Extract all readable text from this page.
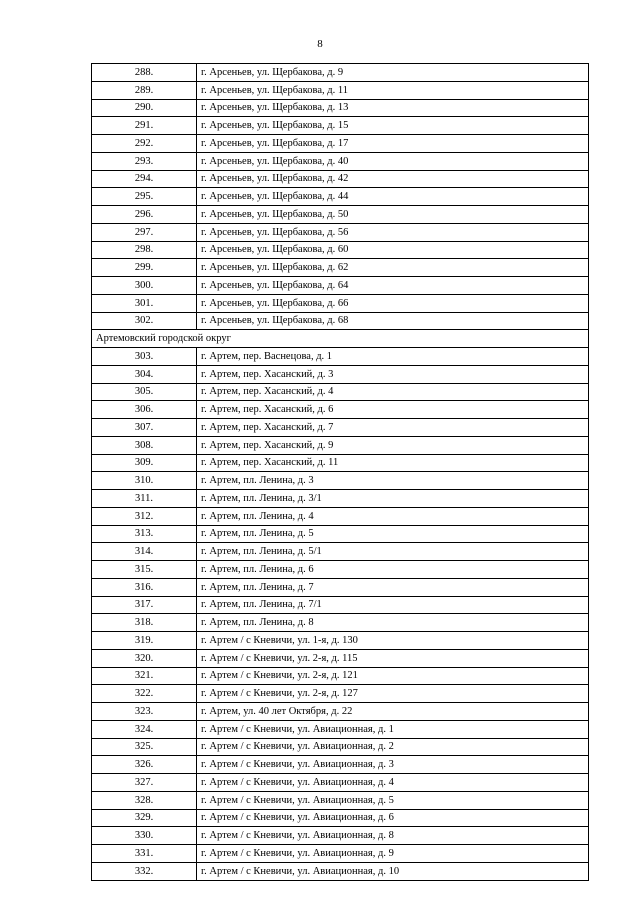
8
288.	г. Арсеньев, ул. Щербакова, д. 9
289.	г. Арсеньев, ул. Щербакова, д. 11
290.	г. Арсеньев, ул. Щербакова, д. 13
291.	г. Арсеньев, ул. Щербакова, д. 15
292.	г. Арсеньев, ул. Щербакова, д. 17
293.	г. Арсеньев, ул. Щербакова, д. 40
294.	г. Арсеньев, ул. Щербакова, д. 42
295.	г. Арсеньев, ул. Щербакова, д. 44
296.	г. Арсеньев, ул. Щербакова, д. 50
297.	г. Арсеньев, ул. Щербакова, д. 56
298.	г. Арсеньев, ул. Щербакова, д. 60
299.	г. Арсеньев, ул. Щербакова, д. 62
300.	г. Арсеньев, ул. Щербакова, д. 64
301.	г. Арсеньев, ул. Щербакова, д. 66
302.	г. Арсеньев, ул. Щербакова, д. 68
Артемовский городской округ	
303.	г. Артем, пер. Васнецова, д. 1
304.	г. Артем, пер. Хасанский, д. 3
305.	г. Артем, пер. Хасанский, д. 4
306.	г. Артем, пер. Хасанский, д. 6
307.	г. Артем, пер. Хасанский, д. 7
308.	г. Артем, пер. Хасанский, д. 9
309.	г. Артем, пер. Хасанский, д. 11
310.	г. Артем, пл. Ленина, д. 3
311.	г. Артем, пл. Ленина, д. 3/1
312.	г. Артем, пл. Ленина, д. 4
313.	г. Артем, пл. Ленина, д. 5
314.	г. Артем, пл. Ленина, д. 5/1
315.	г. Артем, пл. Ленина, д. 6
316.	г. Артем, пл. Ленина, д. 7
317.	г. Артем, пл. Ленина, д. 7/1
318.	г. Артем, пл. Ленина, д. 8
319.	г. Артем / с Кневичи, ул. 1-я, д. 130
320.	г. Артем / с Кневичи, ул. 2-я, д. 115
321.	г. Артем / с Кневичи, ул. 2-я, д. 121
322.	г. Артем / с Кневичи, ул. 2-я, д. 127
323.	г. Артем, ул. 40 лет Октября, д. 22
324.	г. Артем / с Кневичи, ул. Авиационная, д. 1
325.	г. Артем / с Кневичи, ул. Авиационная, д. 2
326.	г. Артем / с Кневичи, ул. Авиационная, д. 3
327.	г. Артем / с Кневичи, ул. Авиационная, д. 4
328.	г. Артем / с Кневичи, ул. Авиационная, д. 5
329.	г. Артем / с Кневичи, ул. Авиационная, д. 6
330.	г. Артем / с Кневичи, ул. Авиационная, д. 8
331.	г. Артем / с Кневичи, ул. Авиационная, д. 9
332.	г. Артем / с Кневичи, ул. Авиационная, д. 10
